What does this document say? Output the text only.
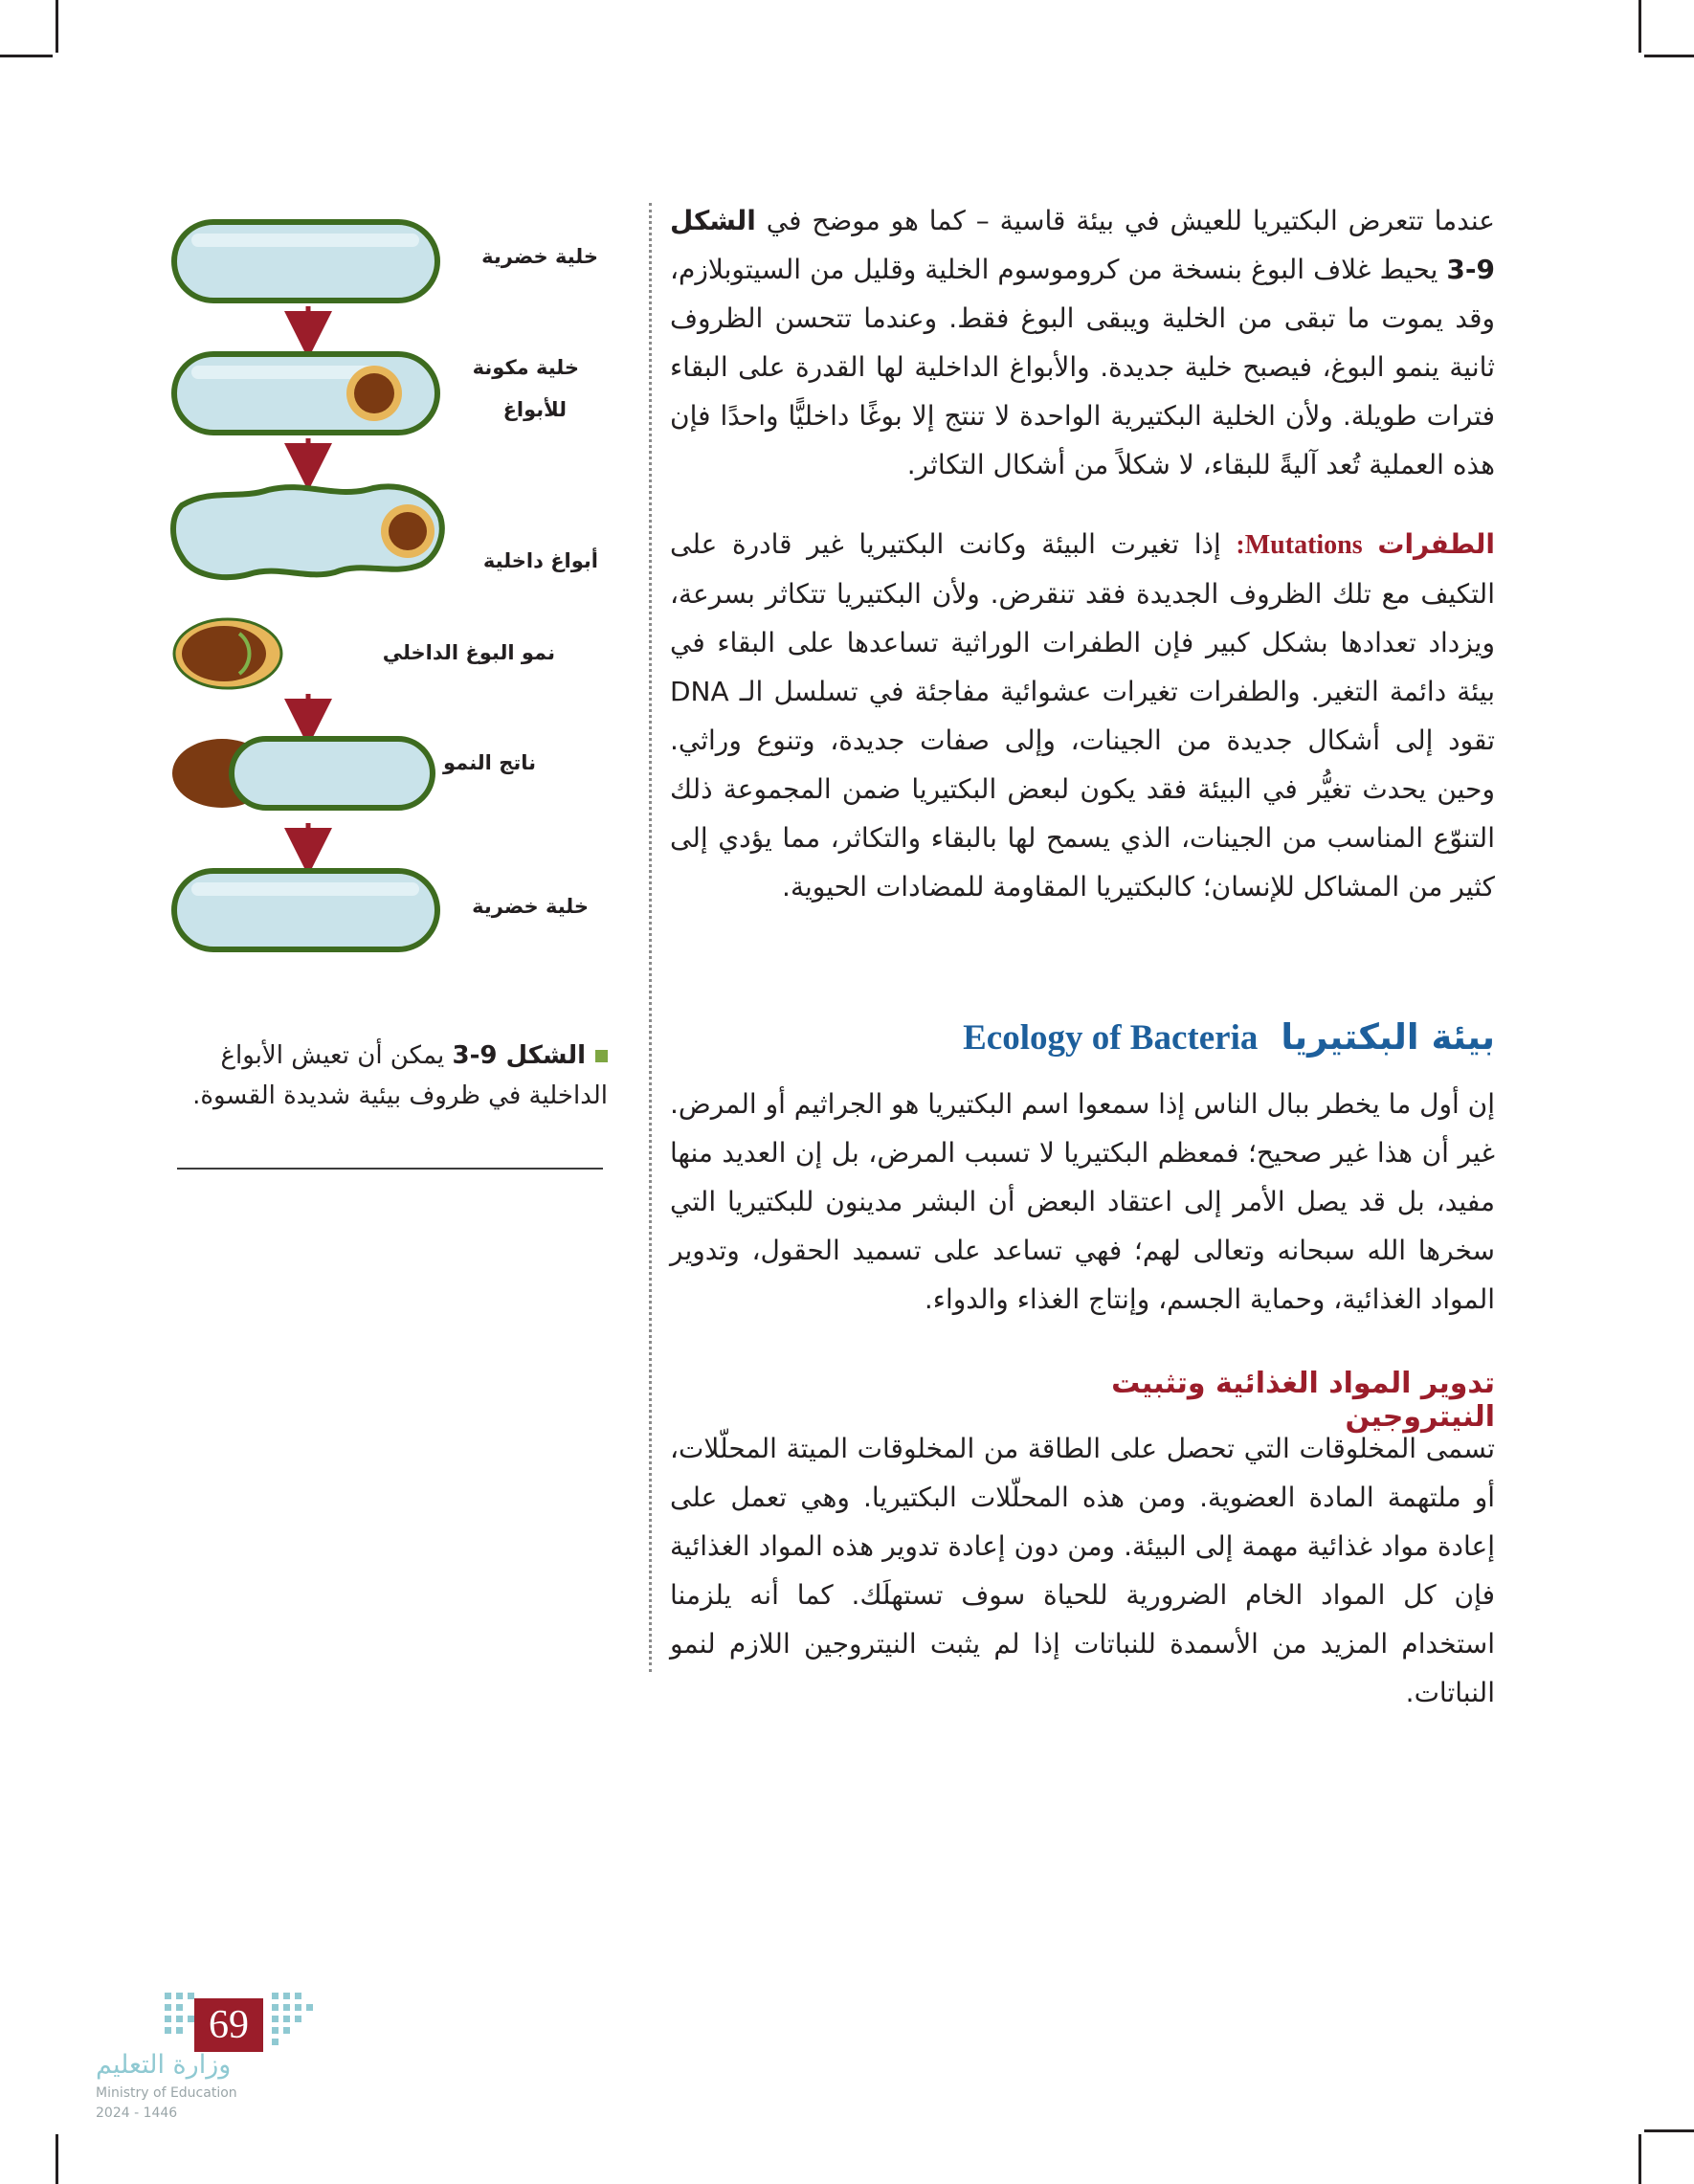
عندما تتعرض البكتيريا للعيش في بيئة قاسية – كما هو موضح في الشكل 9-3 يحيط غلاف البوغ بنسخة من كروموسوم الخلية وقليل من السيتوبلازم، وقد يموت ما تبقى من الخلية ويبقى البوغ فقط. وعندما تتحسن الظروف ثانية ينمو البوغ، فيصبح خلية جديدة. والأبواغ الداخلية لها القدرة على البقاء فترات طويلة. ولأن الخلية البكتيرية الواحدة لا تنتج إلا بوغًا داخليًّا واحدًا فإن هذه العملية تُعد آليةً للبقاء، لا شكلاً من أشكال التكاثر.

الطفرات Mutations: إذا تغيرت البيئة وكانت البكتيريا غير قادرة على التكيف مع تلك الظروف الجديدة فقد تنقرض. ولأن البكتيريا تتكاثر بسرعة، ويزداد تعدادها بشكل كبير فإن الطفرات الوراثية تساعدها على البقاء في بيئة دائمة التغير. والطفرات تغيرات عشوائية مفاجئة في تسلسل الـ DNA تقود إلى أشكال جديدة من الجينات، وإلى صفات جديدة، وتنوع وراثي. وحين يحدث تغيُّر في البيئة فقد يكون لبعض البكتيريا ضمن المجموعة ذلك التنوّع المناسب من الجينات، الذي يسمح لها بالبقاء والتكاثر، مما يؤدي إلى كثير من المشاكل للإنسان؛ كالبكتيريا المقاومة للمضادات الحيوية.

بيئة البكتيرياEcology of Bacteria

إن أول ما يخطر ببال الناس إذا سمعوا اسم البكتيريا هو الجراثيم أو المرض. غير أن هذا غير صحيح؛ فمعظم البكتيريا لا تسبب المرض، بل إن العديد منها مفيد، بل قد يصل الأمر إلى اعتقاد البعض أن البشر مدينون للبكتيريا التي سخرها الله سبحانه وتعالى لهم؛ فهي تساعد على تسميد الحقول، وتدوير المواد الغذائية، وحماية الجسم، وإنتاج الغذاء والدواء.

تدوير المواد الغذائية وتثبيت النيتروجين

تسمى المخلوقات التي تحصل على الطاقة من المخلوقات الميتة المحلّلات، أو ملتهمة المادة العضوية. ومن هذه المحلّلات البكتيريا. وهي تعمل على إعادة مواد غذائية مهمة إلى البيئة. ومن دون إعادة تدوير هذه المواد الغذائية فإن كل المواد الخام الضرورية للحياة سوف تستهلَك. كما أنه يلزمنا استخدام المزيد من الأسمدة للنباتات إذا لم يثبت النيتروجين اللازم لنمو النباتات.

خلية خضرية
خلية مكونة
للأبواغ
أبواغ داخلية
نمو البوغ الداخلي
ناتج النمو
خلية خضرية
الشكل 9-3 يمكن أن تعيش الأبواغ الداخلية في ظروف بيئية شديدة القسوة.
69
وزارة التعليم
Ministry of Education
2024 - 1446
